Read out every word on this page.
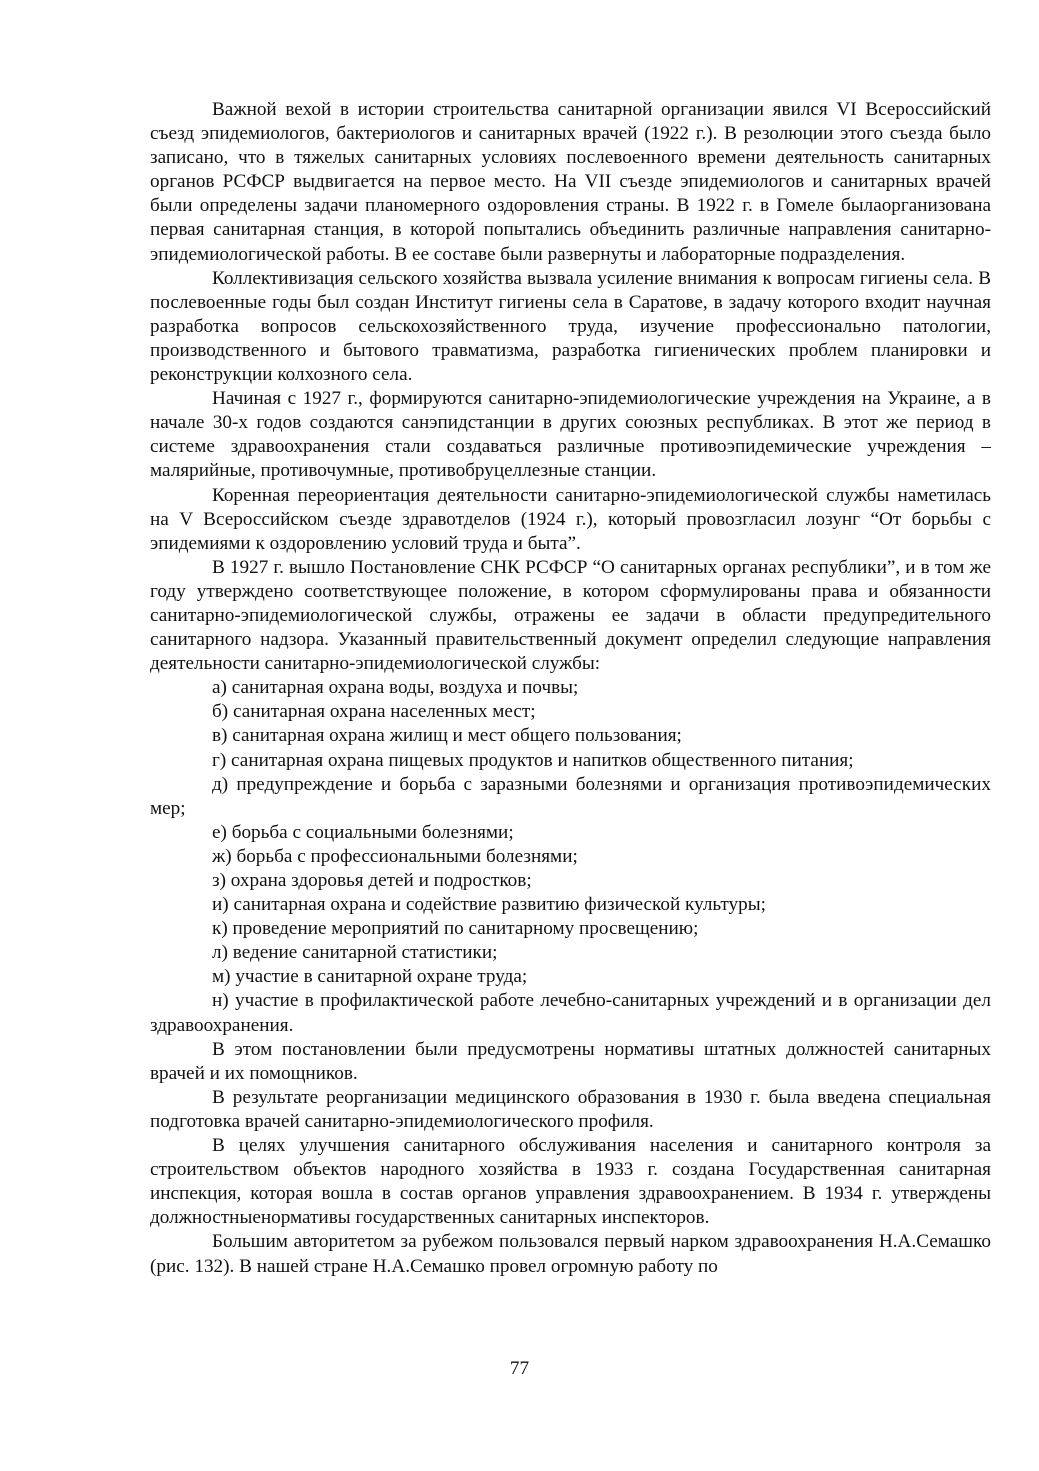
Важной вехой в истории строительства санитарной организации явился VI Всероссийский съезд эпидемиологов, бактериологов и санитарных врачей (1922 г.). В резолюции этого съезда было записано, что в тяжелых санитарных условиях послевоенного времени деятельность санитарных органов РСФСР выдвигается на первое место. На VII съезде эпидемиологов и санитарных врачей были определены задачи планомерного оздоровления страны. В 1922 г. в Гомеле былаорганизована первая санитарная станция, в которой попытались объединить различные направления санитарно-эпидемиологической работы. В ее составе были развернуты и лабораторные подразделения.

Коллективизация сельского хозяйства вызвала усиление внимания к вопросам гигиены села. В послевоенные годы был создан Институт гигиены села в Саратове, в задачу которого входит научная разработка вопросов сельскохозяйственного труда, изучение профессионально патологии, производственного и бытового травматизма, разработка гигиенических проблем планировки и реконструкции колхозного села.

Начиная с 1927 г., формируются санитарно-эпидемиологические учреждения на Украине, а в начале 30-х годов создаются санэпидстанции в других союзных республиках. В этот же период в системе здравоохранения стали создаваться различные противоэпидемические учреждения – малярийные, противочумные, противобруцеллезные станции.

Коренная переориентация деятельности санитарно-эпидемиологической службы наметилась на V Всероссийском съезде здравотделов (1924 г.), который провозгласил лозунг “От борьбы с эпидемиями к оздоровлению условий труда и быта”.

В 1927 г. вышло Постановление СНК РСФСР “О санитарных органах республики”, и в том же году утверждено соответствующее положение, в котором сформулированы права и обязанности санитарно-эпидемиологической службы, отражены ее задачи в области предупредительного санитарного надзора. Указанный правительственный документ определил следующие направления деятельности санитарно-эпидемиологической службы:

а) санитарная охрана воды, воздуха и почвы;

б) санитарная охрана населенных мест;

в) санитарная охрана жилищ и мест общего пользования;

г) санитарная охрана пищевых продуктов и напитков общественного питания;

д) предупреждение и борьба с заразными болезнями и организация противоэпидемических мер;

е) борьба с социальными болезнями;

ж) борьба с профессиональными болезнями;

з) охрана здоровья детей и подростков;

и) санитарная охрана и содействие развитию физической культуры;

к) проведение мероприятий по санитарному просвещению;

л) ведение санитарной статистики;

м) участие в санитарной охране труда;

н) участие в профилактической работе лечебно-санитарных учреждений и в организации дел здравоохранения.

В этом постановлении были предусмотрены нормативы штатных должностей санитарных врачей и их помощников.

В результате реорганизации медицинского образования в 1930 г. была введена специальная подготовка врачей санитарно-эпидемиологического профиля.

В целях улучшения санитарного обслуживания населения и санитарного контроля за строительством объектов народного хозяйства в 1933 г. создана Государственная санитарная инспекция, которая вошла в состав органов управления здравоохранением. В 1934 г. утверждены должностныенормативы государственных санитарных инспекторов.

Большим авторитетом за рубежом пользовался первый нарком здравоохранения Н.А.Семашко (рис. 132). В нашей стране Н.А.Семашко провел огромную работу по

77
